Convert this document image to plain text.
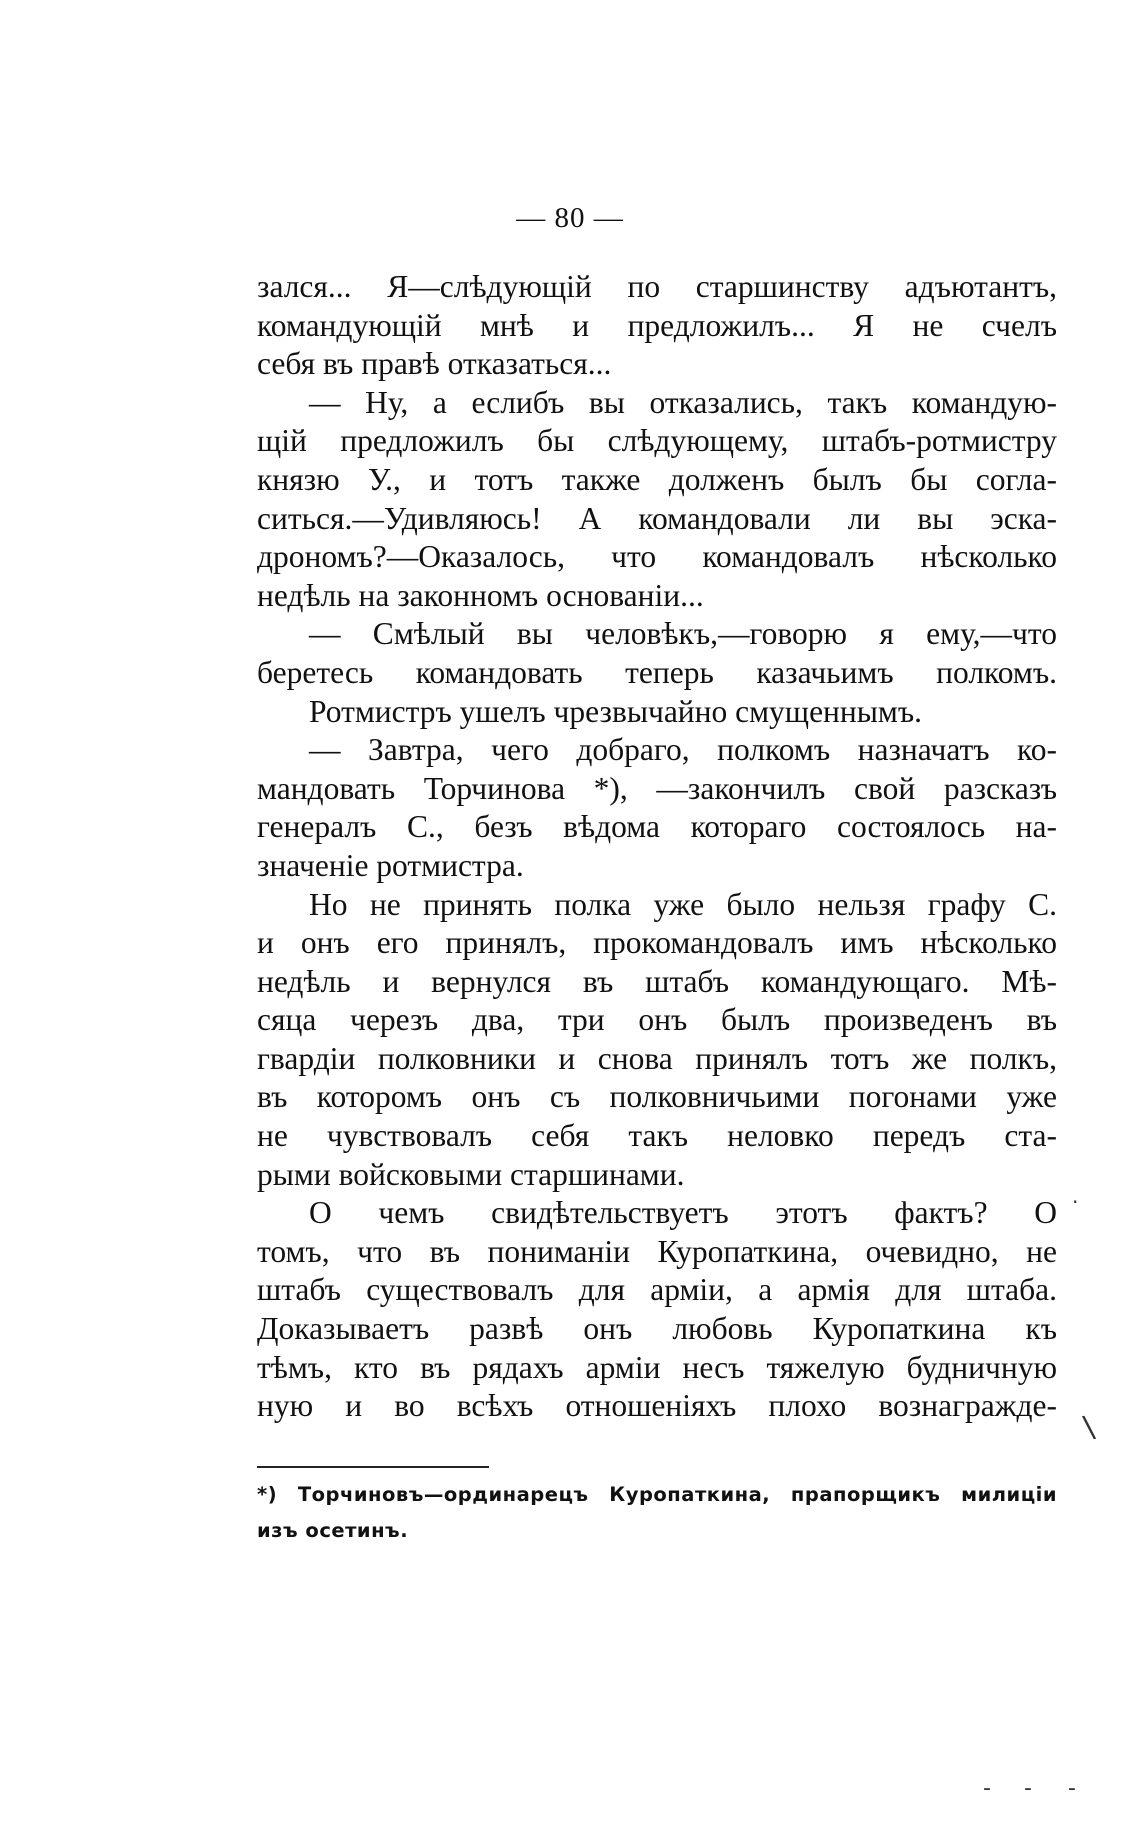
— 80 —
зался... Я—слѣдующій по старшинству адъютантъ,
командующій мнѣ и предложилъ... Я не счелъ
себя въ правѣ отказаться...
— Ну, а еслибъ вы отказались, такъ командую-
щій предложилъ бы слѣдующему, штабъ-ротмистру
князю У., и тотъ также долженъ былъ бы согла-
ситься.—Удивляюсь! А командовали ли вы эска-
дрономъ?—Оказалось, что командовалъ нѣсколько
недѣль на законномъ основаніи...
— Смѣлый вы человѣкъ,—говорю я ему,—что
беретесь командовать теперь казачьимъ полкомъ.
Ротмистръ ушелъ чрезвычайно смущеннымъ.
— Завтра, чего добраго, полкомъ назначатъ ко-
мандовать Торчинова *), —закончилъ свой разсказъ
генералъ С., безъ вѣдома котораго состоялось на-
значеніе ротмистра.
Но не принять полка уже было нельзя графу С.
и онъ его принялъ, прокомандовалъ имъ нѣсколько
недѣль и вернулся въ штабъ командующаго. Мѣ-
сяца черезъ два, три онъ былъ произведенъ въ
гвардіи полковники и снова принялъ тотъ же полкъ,
въ которомъ онъ съ полковничьими погонами уже
не чувствовалъ себя такъ неловко передъ ста-
рыми войсковыми старшинами.
О чемъ свидѣтельствуетъ этотъ фактъ? О
томъ, что въ пониманіи Куропаткина, очевидно, не
штабъ существовалъ для арміи, а армія для штаба.
Доказываетъ развѣ онъ любовь Куропаткина къ
тѣмъ, кто въ рядахъ арміи несъ тяжелую будничную
ную и во всѣхъ отношеніяхъ плохо вознагражде-
*) Торчиновъ—ординарецъ Куропаткина, прапорщикъ милиціи
изъ осетинъ.
·
\
- - -
